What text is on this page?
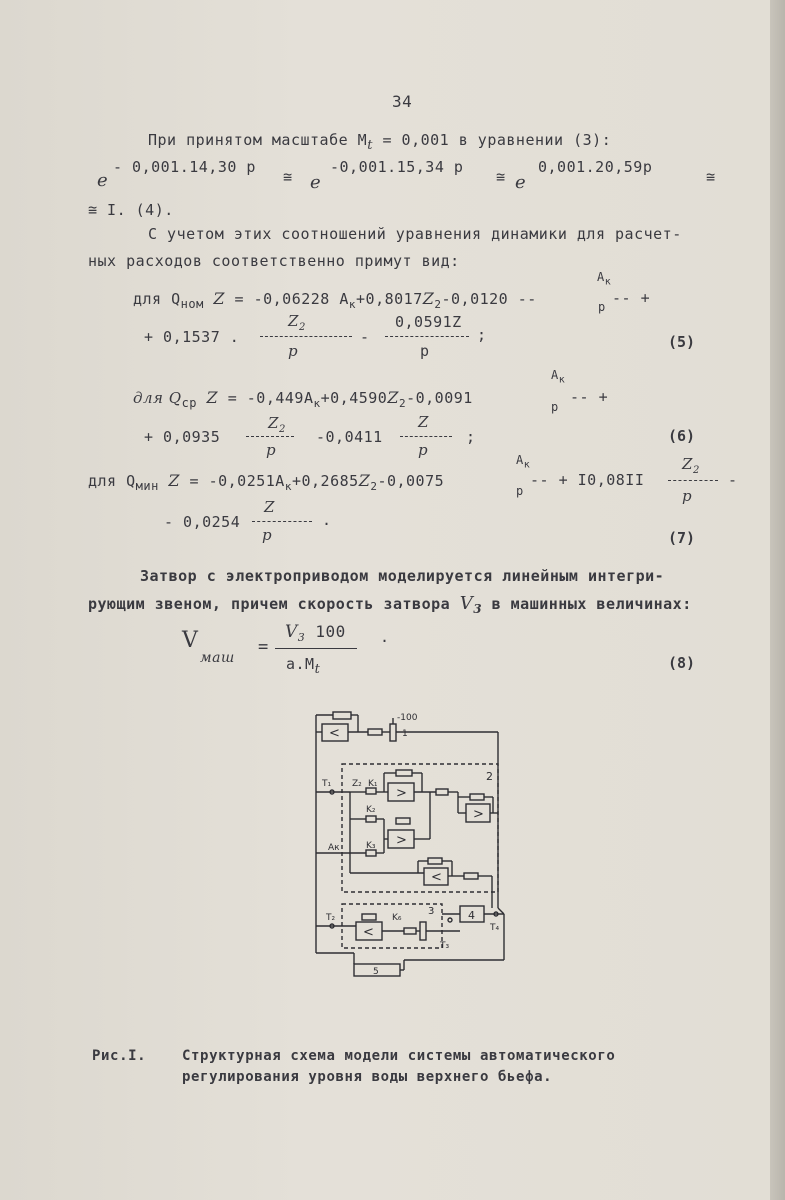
34
При принятом масштабе $M_t = 0,001$ в уравнении (3):
e
- 0,001.14,30 p
≅ e
-0,001.15,34 p
≅ e
0,001.20,59p
≅
≅ I. (4).
С учетом этих соотношений уравнения динамики для расчет-
ных расходов соответственно примут вид:
для $Q_{ном}$ Z = -0,06228 $A_к+0,8017Z_2-0,0120$ --
$A_к$
p -- +
+ 0,1537 .
$Z_2$
p
-
0,0591Z
p
;	(5)
для $Q_{ср}$ $Z = -0,449A_к+0,4590Z_2-0,0091$
$A_к$
p
-- +
+ 0,0935
$Z_2$
p
-0,0411
Z
p
;	(6)
для $Q_{мин}$ $Z = -0,0251A_к+0,2685Z_2-0,0075$
$A_к$
p
-- + I0,08II
$Z_2$
p
-
- 0,0254
Z
p
.
(7)
Затвор с электроприводом моделируется линейным интегри-
рующим звеном, причем скорость затвора $V_3$ в машинных величинах:
V
маш
=
$V_3$ 100
$a.M_t$
.
(8)
<
-100
1
2
T₁ Z₂ K₁
>
>
K₂
>
Aк	K₃
<
3
T₂
<
K₆
T₃
4
T₄
5
Рис.I.	Структурная схема модели системы автоматического
регулирования уровня воды верхнего бьефа.
